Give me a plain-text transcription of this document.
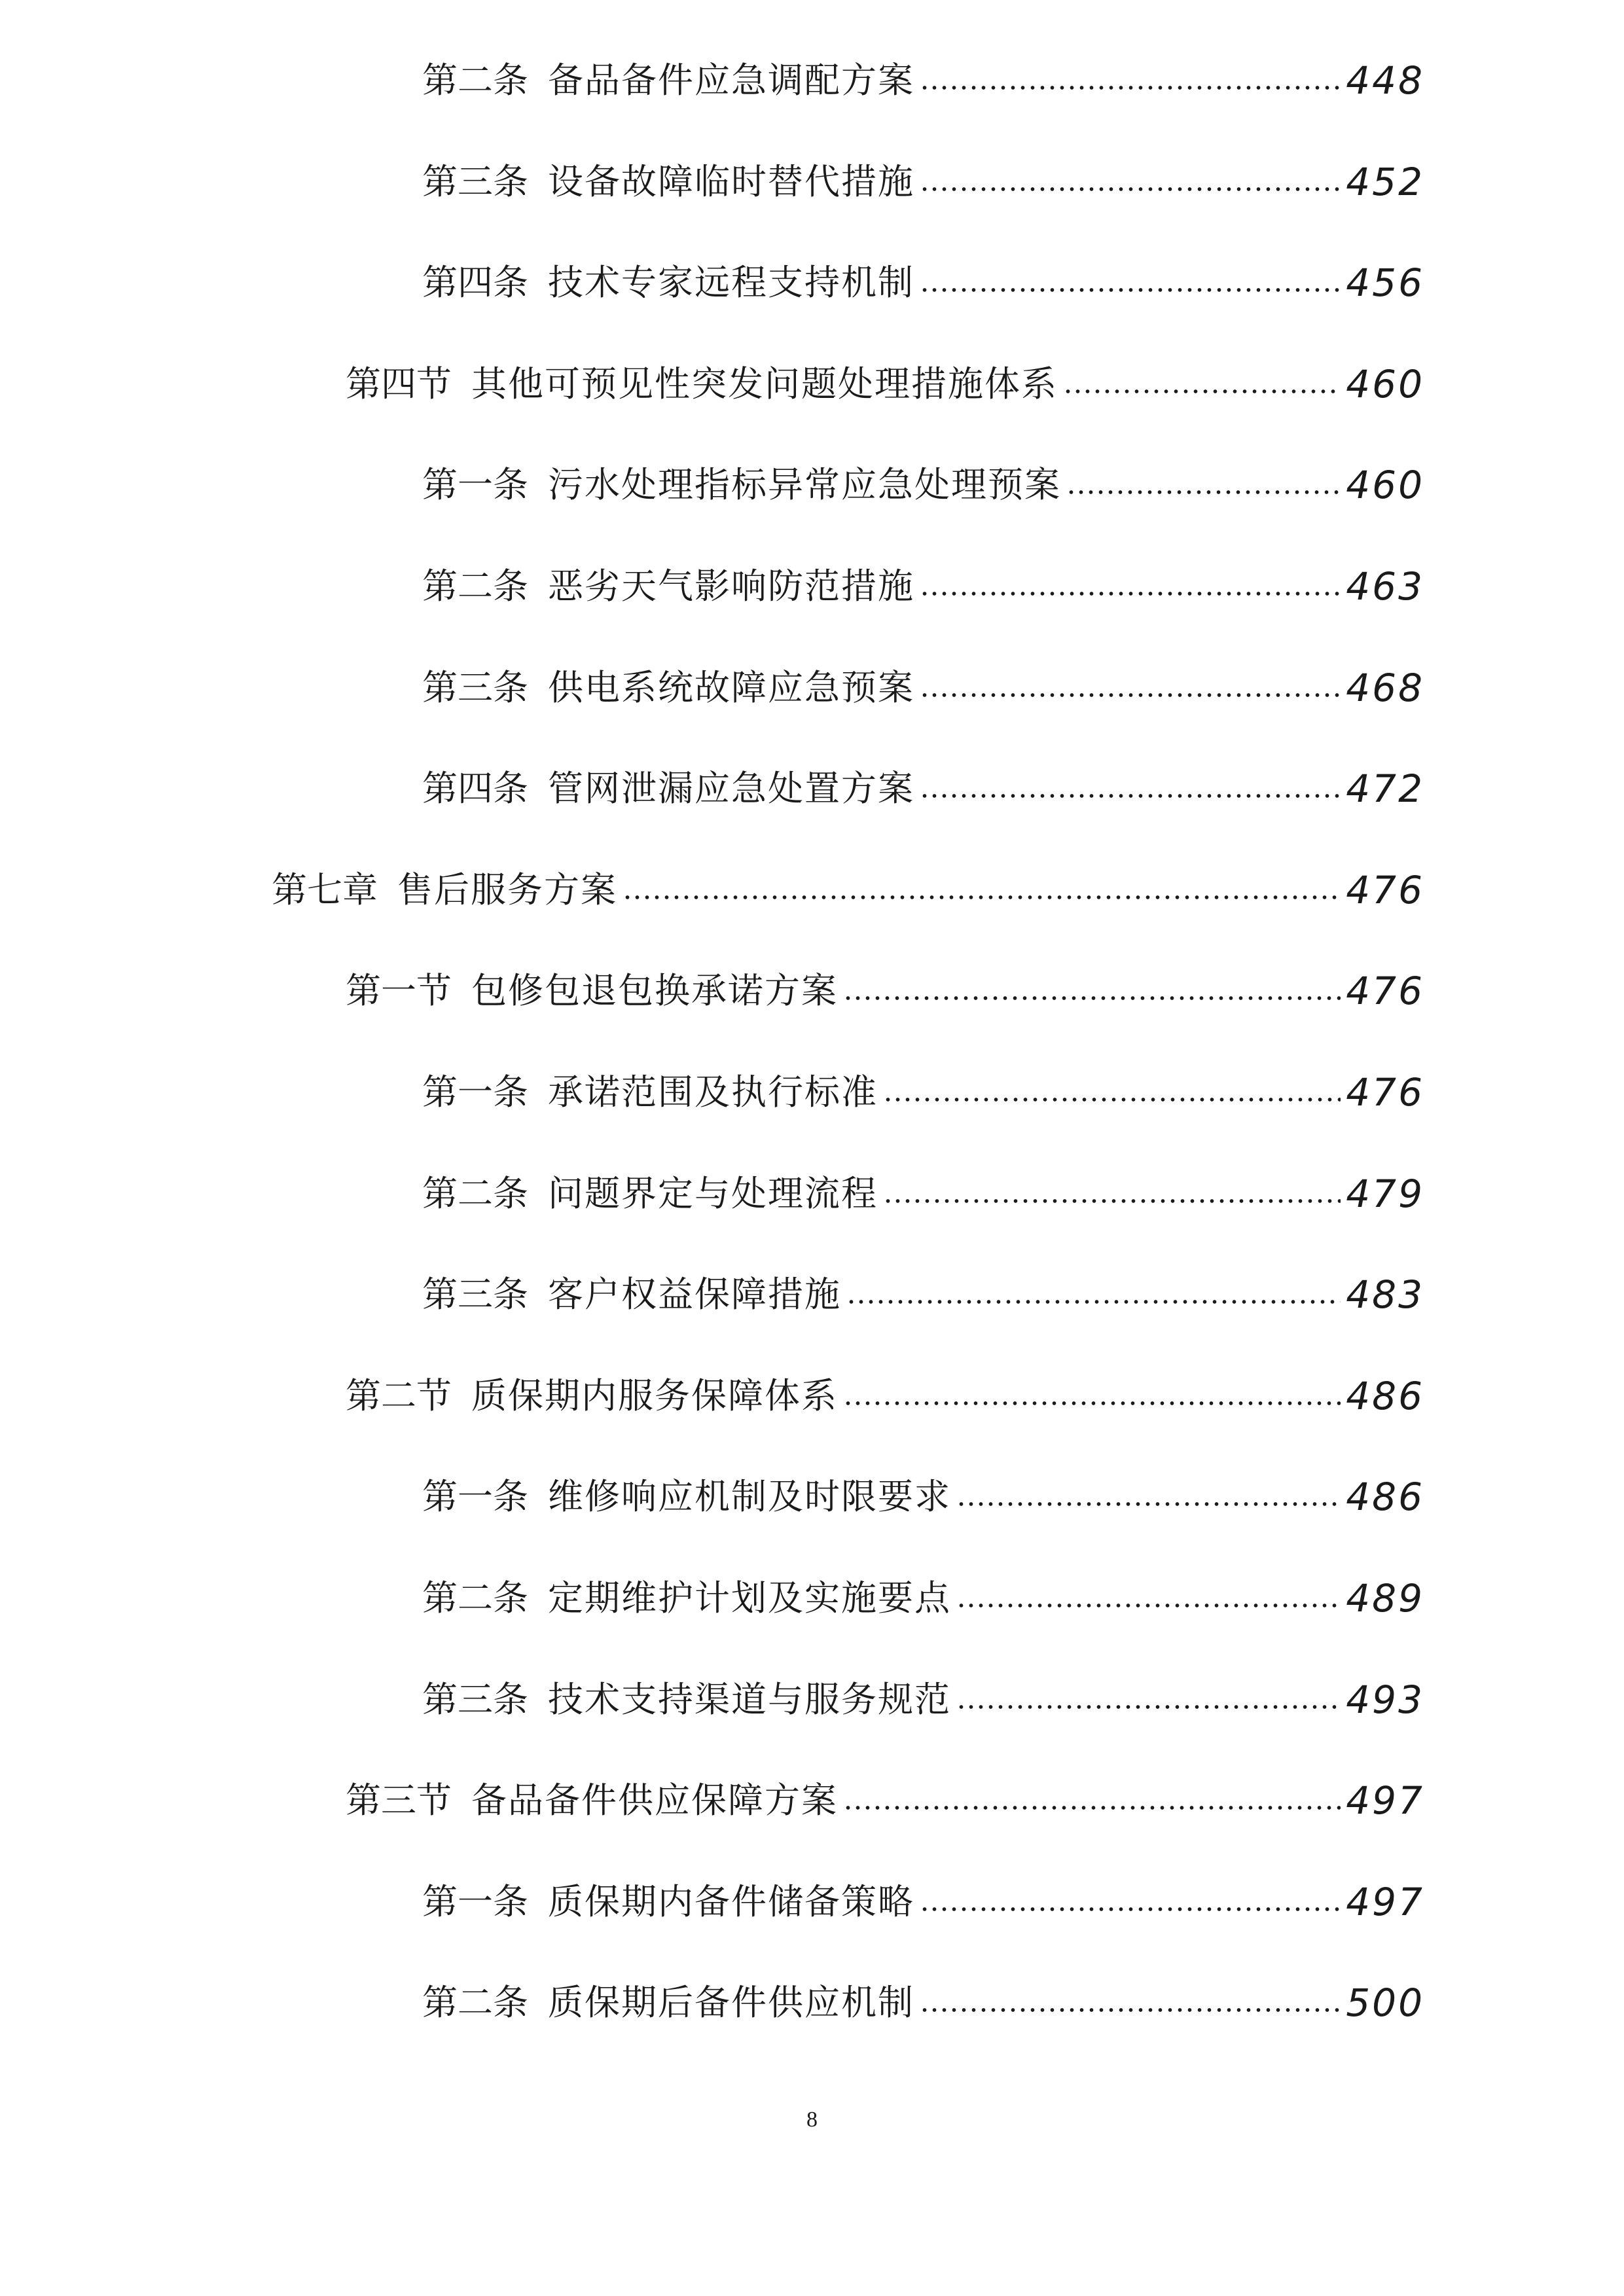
第二条 备品备件应急调配方案	448
第三条 设备故障临时替代措施	452
第四条 技术专家远程支持机制	456
第四节 其他可预见性突发问题处理措施体系	460
第一条 污水处理指标异常应急处理预案	460
第二条 恶劣天气影响防范措施	463
第三条 供电系统故障应急预案	468
第四条 管网泄漏应急处置方案	472
第七章 售后服务方案	476
第一节 包修包退包换承诺方案	476
第一条 承诺范围及执行标准	476
第二条 问题界定与处理流程	479
第三条 客户权益保障措施	483
第二节 质保期内服务保障体系	486
第一条 维修响应机制及时限要求	486
第二条 定期维护计划及实施要点	489
第三条 技术支持渠道与服务规范	493
第三节 备品备件供应保障方案	497
第一条 质保期内备件储备策略	497
第二条 质保期后备件供应机制	500
8
